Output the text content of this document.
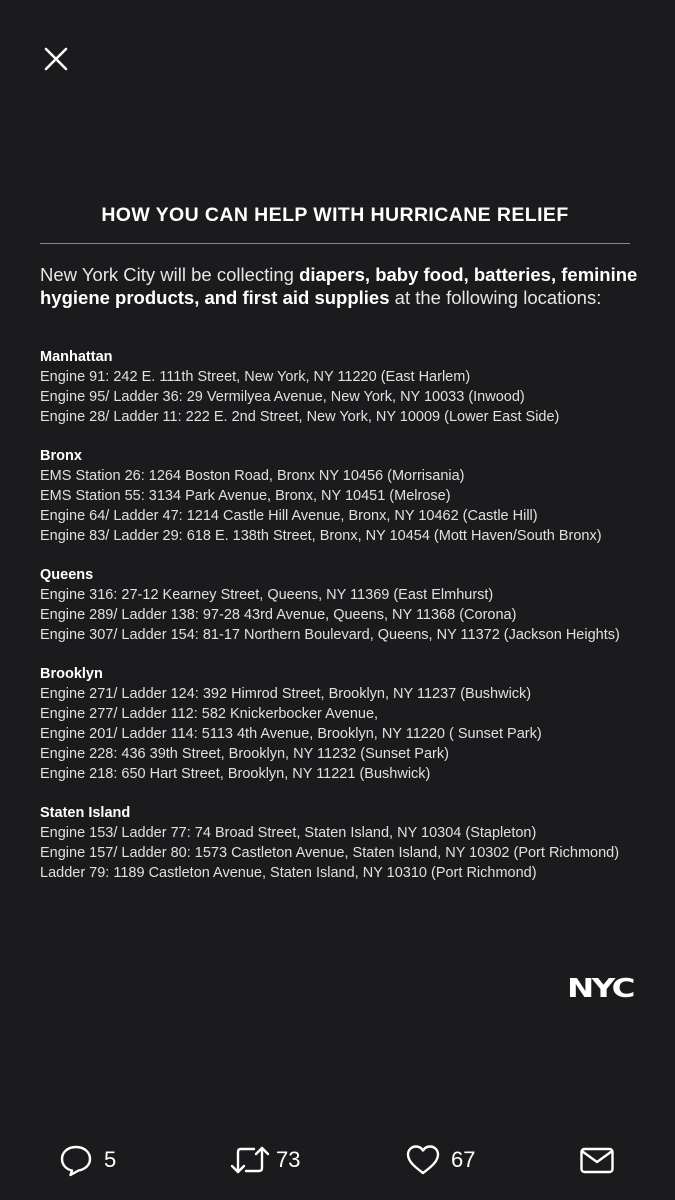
HOW YOU CAN HELP WITH HURRICANE RELIEF
New York City will be collecting diapers, baby food, batteries, feminine hygiene products, and first aid supplies at the following locations:
Manhattan
Engine 91: 242 E. 111th Street, New York, NY 11220 (East Harlem)
Engine 95/ Ladder 36: 29 Vermilyea Avenue, New York, NY 10033 (Inwood)
Engine 28/ Ladder 11: 222 E. 2nd Street, New York, NY 10009 (Lower East Side)
Bronx
EMS Station 26: 1264 Boston Road, Bronx NY 10456 (Morrisania)
EMS Station 55: 3134 Park Avenue, Bronx, NY 10451 (Melrose)
Engine 64/ Ladder 47: 1214 Castle Hill Avenue, Bronx, NY 10462 (Castle Hill)
Engine 83/ Ladder 29: 618 E. 138th Street, Bronx, NY 10454 (Mott Haven/South Bronx)
Queens
Engine 316: 27-12 Kearney Street, Queens, NY 11369 (East Elmhurst)
Engine 289/ Ladder 138: 97-28 43rd Avenue, Queens, NY 11368 (Corona)
Engine 307/ Ladder 154: 81-17 Northern Boulevard, Queens, NY 11372 (Jackson Heights)
Brooklyn
Engine 271/ Ladder 124: 392 Himrod Street, Brooklyn, NY 11237 (Bushwick)
Engine 277/ Ladder 112: 582 Knickerbocker Avenue,
Engine 201/ Ladder 114: 5113 4th Avenue, Brooklyn, NY 11220 ( Sunset Park)
Engine 228: 436 39th Street, Brooklyn, NY 11232 (Sunset Park)
Engine 218: 650 Hart Street, Brooklyn, NY 11221 (Bushwick)
Staten Island
Engine 153/ Ladder 77: 74 Broad Street, Staten Island, NY 10304 (Stapleton)
Engine 157/ Ladder 80: 1573 Castleton Avenue, Staten Island, NY 10302 (Port Richmond)
Ladder 79: 1189 Castleton Avenue, Staten Island, NY 10310 (Port Richmond)
NYC
5	73	67
